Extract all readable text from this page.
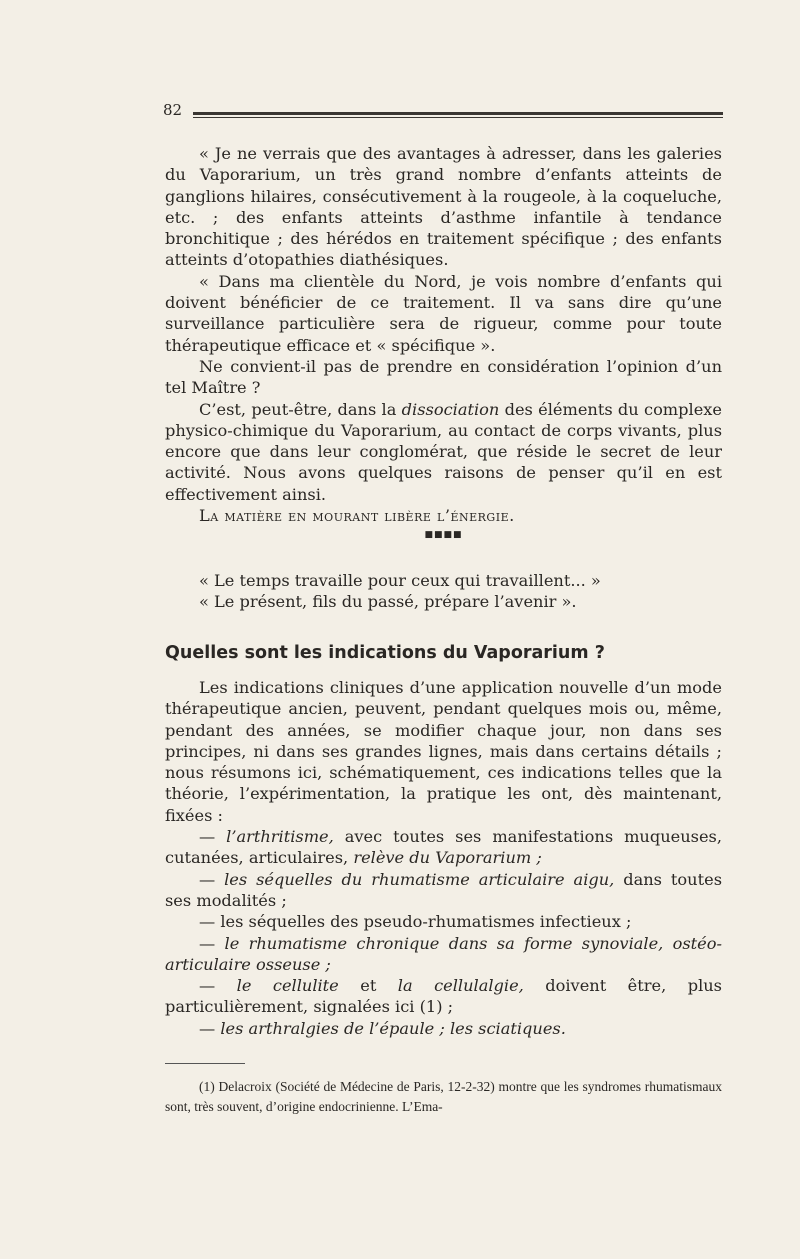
82

« Je ne verrais que des avantages à adresser, dans les galeries du Vaporarium, un très grand nombre d’enfants atteints de ganglions hilaires, consécutivement à la rougeole, à la coqueluche, etc. ; des enfants atteints d’asthme infantile à tendance bronchitique ; des hérédos en traitement spécifique ; des enfants atteints d’otopathies diathésiques.

« Dans ma clientèle du Nord, je vois nombre d’enfants qui doivent bénéficier de ce traitement. Il va sans dire qu’une surveillance particulière sera de rigueur, comme pour toute thérapeutique efficace et « spécifique ».

Ne convient-il pas de prendre en considération l’opinion d’un tel Maître ?

C’est, peut-être, dans la dissociation des éléments du complexe physico-chimique du Vaporarium, au contact de corps vivants, plus encore que dans leur conglomérat, que réside le secret de leur activité. Nous avons quelques raisons de penser qu’il en est effectivement ainsi.

La matière en mourant libère l’énergie.

■■■■

« Le temps travaille pour ceux qui travaillent... »

« Le présent, fils du passé, prépare l’avenir ».

Quelles sont les indications du Vaporarium ?

Les indications cliniques d’une application nouvelle d’un mode thérapeutique ancien, peuvent, pendant quelques mois ou, même, pendant des années, se modifier chaque jour, non dans ses principes, ni dans ses grandes lignes, mais dans certains détails ; nous résumons ici, schématiquement, ces indications telles que la théorie, l’expérimentation, la pratique les ont, dès maintenant, fixées :

— l’arthritisme, avec toutes ses manifestations muqueuses, cutanées, articulaires, relève du Vaporarium ;

— les séquelles du rhumatisme articulaire aigu, dans toutes ses modalités ;

— les séquelles des pseudo-rhumatismes infectieux ;

— le rhumatisme chronique dans sa forme synoviale, ostéo-articulaire osseuse ;

— le cellulite et la cellulalgie, doivent être, plus particulièrement, signalées ici (1) ;

— les arthralgies de l’épaule ; les sciatiques.

(1) Delacroix (Société de Médecine de Paris, 12-2-32) montre que les syndromes rhumatismaux sont, très souvent, d’origine endocrinienne. L’Ema-
